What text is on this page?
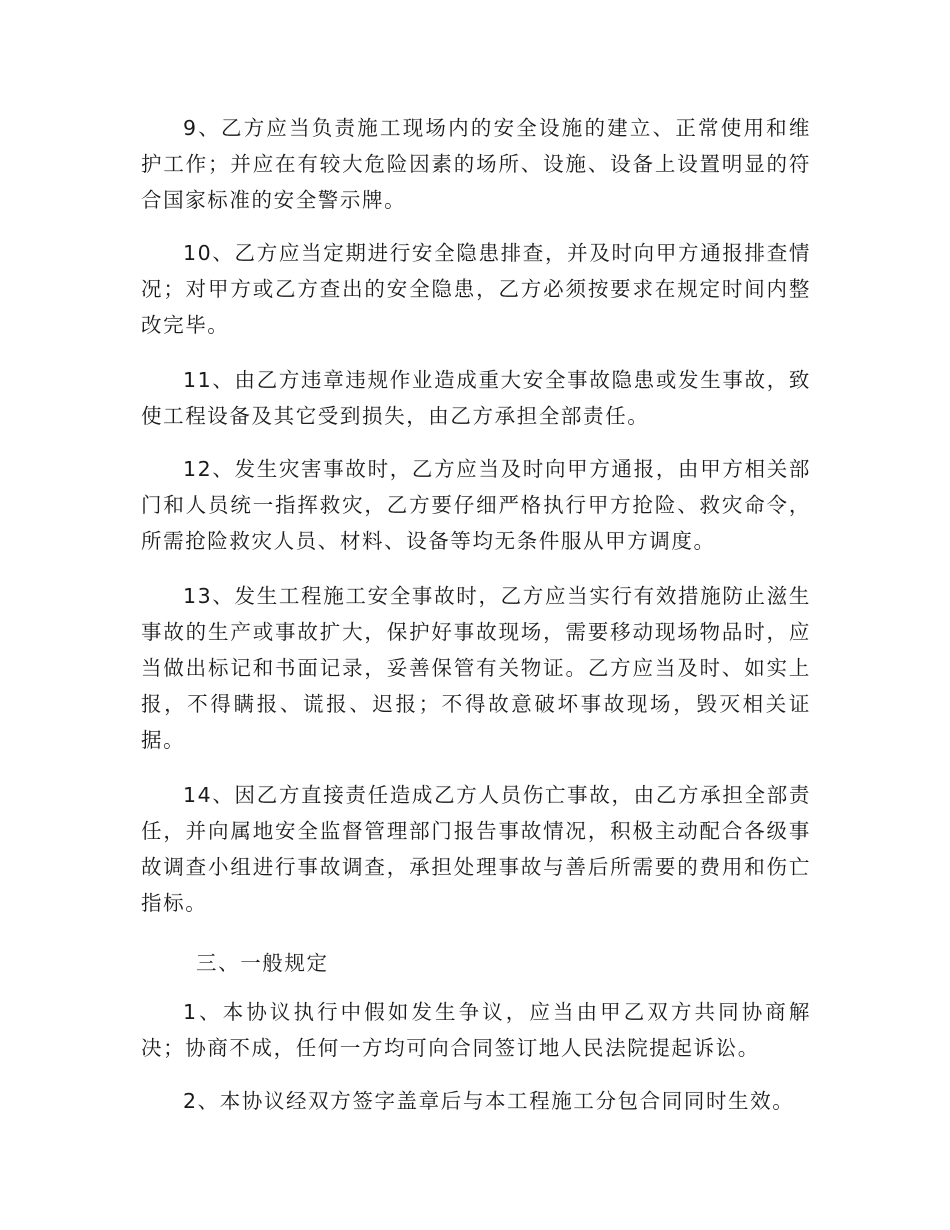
9、乙方应当负责施工现场内的安全设施的建立、正常使用和维护工作；并应在有较大危险因素的场所、设施、设备上设置明显的符合国家标准的安全警示牌。

10、乙方应当定期进行安全隐患排查，并及时向甲方通报排查情况；对甲方或乙方查出的安全隐患，乙方必须按要求在规定时间内整改完毕。

11、由乙方违章违规作业造成重大安全事故隐患或发生事故，致使工程设备及其它受到损失，由乙方承担全部责任。

12、发生灾害事故时，乙方应当及时向甲方通报，由甲方相关部门和人员统一指挥救灾，乙方要仔细严格执行甲方抢险、救灾命令，所需抢险救灾人员、材料、设备等均无条件服从甲方调度。

13、发生工程施工安全事故时，乙方应当实行有效措施防止滋生事故的生产或事故扩大，保护好事故现场，需要移动现场物品时，应当做出标记和书面记录，妥善保管有关物证。乙方应当及时、如实上报，不得瞒报、谎报、迟报；不得故意破坏事故现场，毁灭相关证据。

14、因乙方直接责任造成乙方人员伤亡事故，由乙方承担全部责任，并向属地安全监督管理部门报告事故情况，积极主动配合各级事故调查小组进行事故调查，承担处理事故与善后所需要的费用和伤亡指标。

三、一般规定

1、本协议执行中假如发生争议，应当由甲乙双方共同协商解决；协商不成，任何一方均可向合同签订地人民法院提起诉讼。

2、本协议经双方签字盖章后与本工程施工分包合同同时生效。
